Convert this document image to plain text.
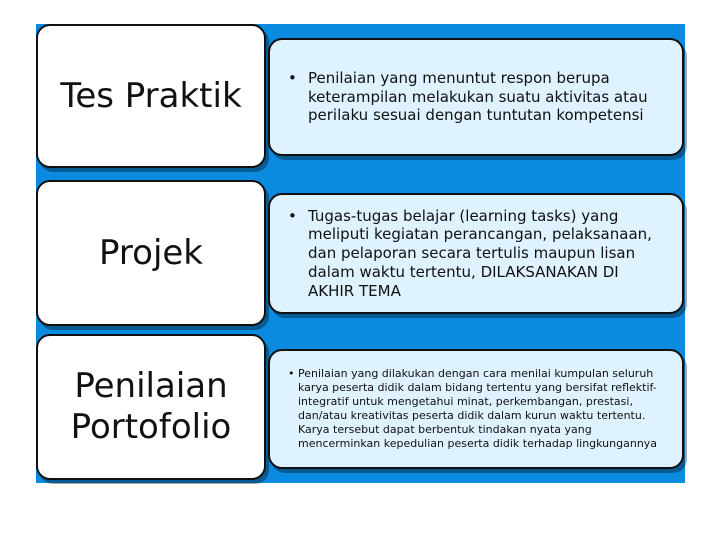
Tes Praktik	• Penilaian yang menuntut respon berupa keterampilan melakukan suatu aktivitas atau perilaku sesuai dengan tuntutan kompetensi
Projek
• Tugas-tugas belajar (learning tasks) yang meliputi kegiatan perancangan, pelaksanaan, dan pelaporan secara tertulis maupun lisan dalam waktu tertentu, DILAKSANAKAN DI AKHIR TEMA
Penilaian Portofolio
• Penilaian yang dilakukan dengan cara menilai kumpulan seluruh karya peserta didik dalam bidang tertentu yang bersifat reflektif-integratif untuk mengetahui minat, perkembangan, prestasi, dan/atau kreativitas peserta didik dalam kurun waktu tertentu. Karya tersebut dapat berbentuk tindakan nyata yang mencerminkan kepedulian peserta didik terhadap lingkungannya
